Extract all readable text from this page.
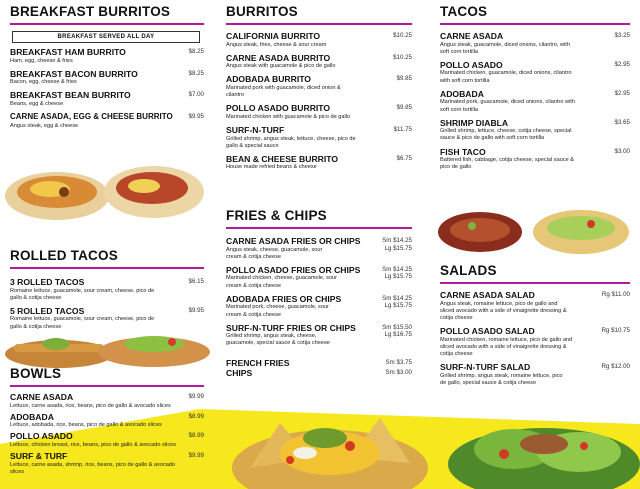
BREAKFAST BURRITOS
BREAKFAST SERVED ALL DAY
BREAKFAST HAM BURRITO
Ham, egg, cheese & fries
$8.25
BREAKFAST BACON BURRITO
Bacon, egg, cheese & fries
$8.25
BREAKFAST BEAN BURRITO
Beans, egg & cheese
$7.00
CARNE ASADA, EGG & CHEESE BURRITO
Angus steak, egg & cheese
$9.95
ROLLED TACOS
3 ROLLED TACOS
Romaine lettuce, guacamole, sour cream, cheese, pico de gallo & cotija cheese
$6.15
5 ROLLED TACOS
Romaine lettuce, guacamole, sour cream, cheese, pico de gallo & cotija cheese
$9.95
BOWLS
CARNE ASADA
Lettuce, carne asada, rice, beans, pico de gallo & avocado slices
$9.99
ADOBADA
Lettuce, adobada, rice, beans, pico de gallo & avocado slices
$8.99
POLLO ASADO
Lettuce, chicken breast, rice, beans, pico de gallo & avocado slices
$8.99
SURF & TURF
Lettuce, carne asada, shrimp, rice, beans, pico de gallo & avocado slices
$9.99
BURRITOS
CALIFORNIA BURRITO
Angus steak, fries, cheese & sour cream
$10.25
CARNE ASADA BURRITO
Angus steak with guacamole & pico de gallo
$10.25
ADOBADA BURRITO
Marinated pork with guacamole, diced onion & cilantro
$9.85
POLLO ASADO BURRITO
Marinated chicken with guacamole & pico de gallo
$9.85
SURF-N-TURF
Grilled shrimp, angus steak, lettuce, cheese, pico de gallo & special sauce
$11.75
BEAN & CHEESE BURRITO
House made refried beans & cheese
$6.75
FRIES & CHIPS
CARNE ASADA FRIES OR CHIPS
Angus steak, cheese, guacamole, sour cream & cotija cheese
Sm $14.25
Lg $15.75
POLLO ASADO FRIES OR CHIPS
Marinated chicken, cheese, guacamole, sour cream & cotija cheese
Sm $14.25
Lg $15.75
ADOBADA FRIES OR CHIPS
Marinated pork, cheese, guacamole, sour cream & cotija cheese
Sm $14.25
Lg $15.75
SURF-N-TURF FRIES OR CHIPS
Grilled shrimp, angus steak, cheese, guacamole, special sauce & cotija cheese
Sm $15.50
Lg $16.75
FRENCH FRIES	Sm $3.75
CHIPS	Sm $3.00
TACOS
CARNE ASADA
Angus steak, guacamole, diced onions, cilantro, with soft corn tortilla
$3.25
POLLO ASADO
Marinated chicken, guacamole, diced onions, cilantro with soft corn tortilla
$2.95
ADOBADA
Marinated pork, guacamole, diced onions, cilantro with soft corn tortilla
$2.95
SHRIMP DIABLA
Grilled shrimp, lettuce, cheese, cotija cheese, special sauce & pico de gallo with soft corn tortilla
$3.65
FISH TACO
Battered fish, cabbage, cotija cheese, special sauce & pico de gallo
$3.00
SALADS
CARNE ASADA SALAD
Angus steak, romaine lettuce, pico de gallo and sliced avocado with a side of vinaigrette dressing & cotija cheese
Rg $11.00
POLLO ASADO SALAD
Marinated chicken, romaine lettuce, pico de gallo and sliced avocado with a side of vinaigrette dressing & cotija cheese
Rg $10.75
SURF-N-TURF SALAD
Grilled shrimp, angus steak, romaine lettuce, pico de gallo, special sauce & cotija cheese
Rg $12.00
